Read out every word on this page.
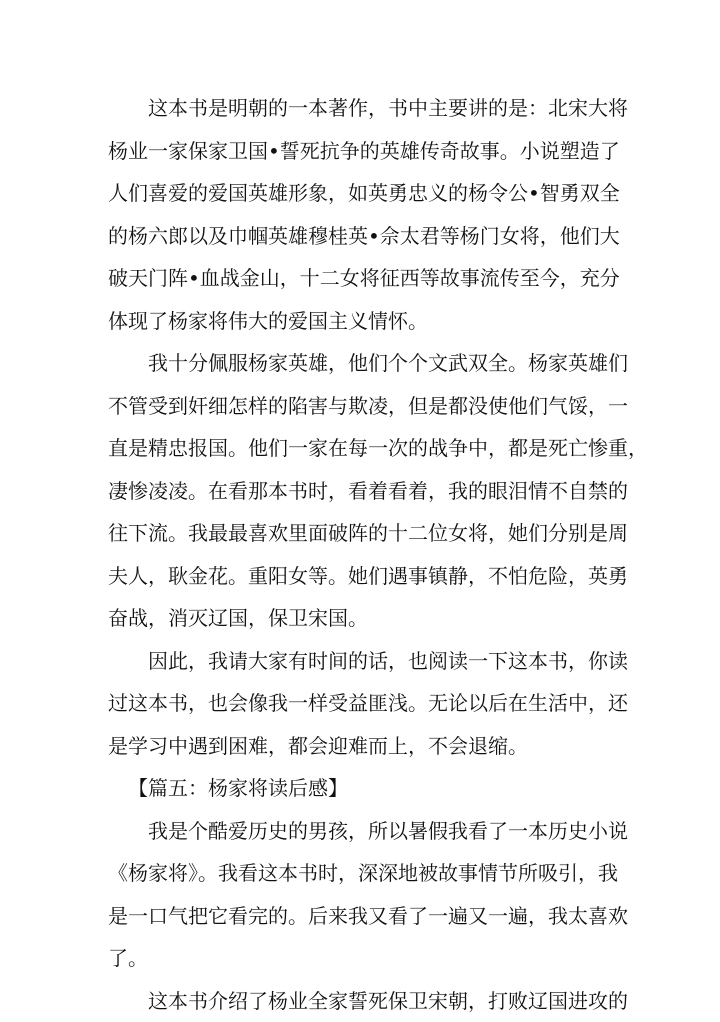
　　这本书是明朝的一本著作，书中主要讲的是：北宋大将
杨业一家保家卫国•誓死抗争的英雄传奇故事。小说塑造了
人们喜爱的爱国英雄形象，如英勇忠义的杨令公•智勇双全
的杨六郎以及巾帼英雄穆桂英•佘太君等杨门女将，他们大
破天门阵•血战金山，十二女将征西等故事流传至今，充分
体现了杨家将伟大的爱国主义情怀。
　　我十分佩服杨家英雄，他们个个文武双全。杨家英雄们
不管受到奸细怎样的陷害与欺凌，但是都没使他们气馁，一
直是精忠报国。他们一家在每一次的战争中，都是死亡惨重，
凄惨凌凌。在看那本书时，看着看着，我的眼泪情不自禁的
往下流。我最最喜欢里面破阵的十二位女将，她们分别是周
夫人，耿金花。重阳女等。她们遇事镇静，不怕危险，英勇
奋战，消灭辽国，保卫宋国。
　　因此，我请大家有时间的话，也阅读一下这本书，你读
过这本书，也会像我一样受益匪浅。无论以后在生活中，还
是学习中遇到困难，都会迎难而上，不会退缩。
【篇五：杨家将读后感】
　　我是个酷爱历史的男孩，所以暑假我看了一本历史小说
《杨家将》。我看这本书时，深深地被故事情节所吸引，我
是一口气把它看完的。后来我又看了一遍又一遍，我太喜欢
了。
　　这本书介绍了杨业全家誓死保卫宋朝，打败辽国进攻的
